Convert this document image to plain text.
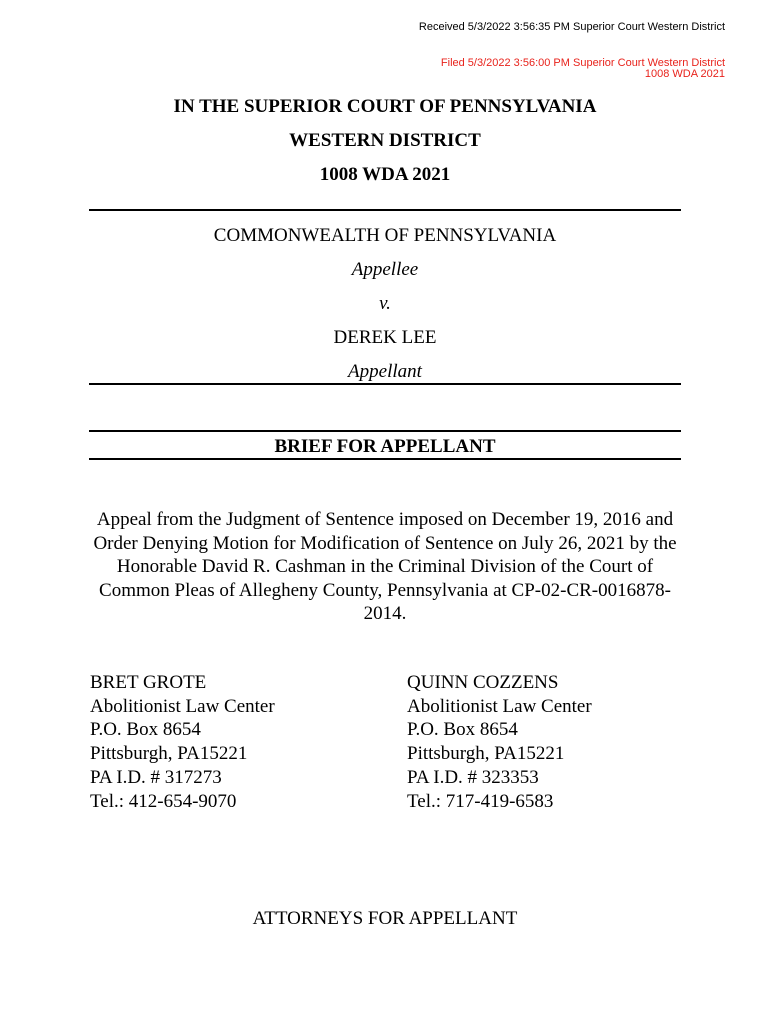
Received 5/3/2022 3:56:35 PM Superior Court Western District
Filed 5/3/2022 3:56:00 PM Superior Court Western District
1008 WDA 2021
IN THE SUPERIOR COURT OF PENNSYLVANIA
WESTERN DISTRICT
1008 WDA 2021
COMMONWEALTH OF PENNSYLVANIA
Appellee
v.
DEREK LEE
Appellant
BRIEF FOR APPELLANT
Appeal from the Judgment of Sentence imposed on December 19, 2016 and Order Denying Motion for Modification of Sentence on July 26, 2021 by the Honorable David R. Cashman in the Criminal Division of the Court of Common Pleas of Allegheny County, Pennsylvania at CP-02-CR-0016878-2014.
BRET GROTE
Abolitionist Law Center
P.O. Box 8654
Pittsburgh, PA15221
PA I.D. # 317273
Tel.: 412-654-9070
QUINN COZZENS
Abolitionist Law Center
P.O. Box 8654
Pittsburgh, PA15221
PA I.D. # 323353
Tel.: 717-419-6583
ATTORNEYS FOR APPELLANT
